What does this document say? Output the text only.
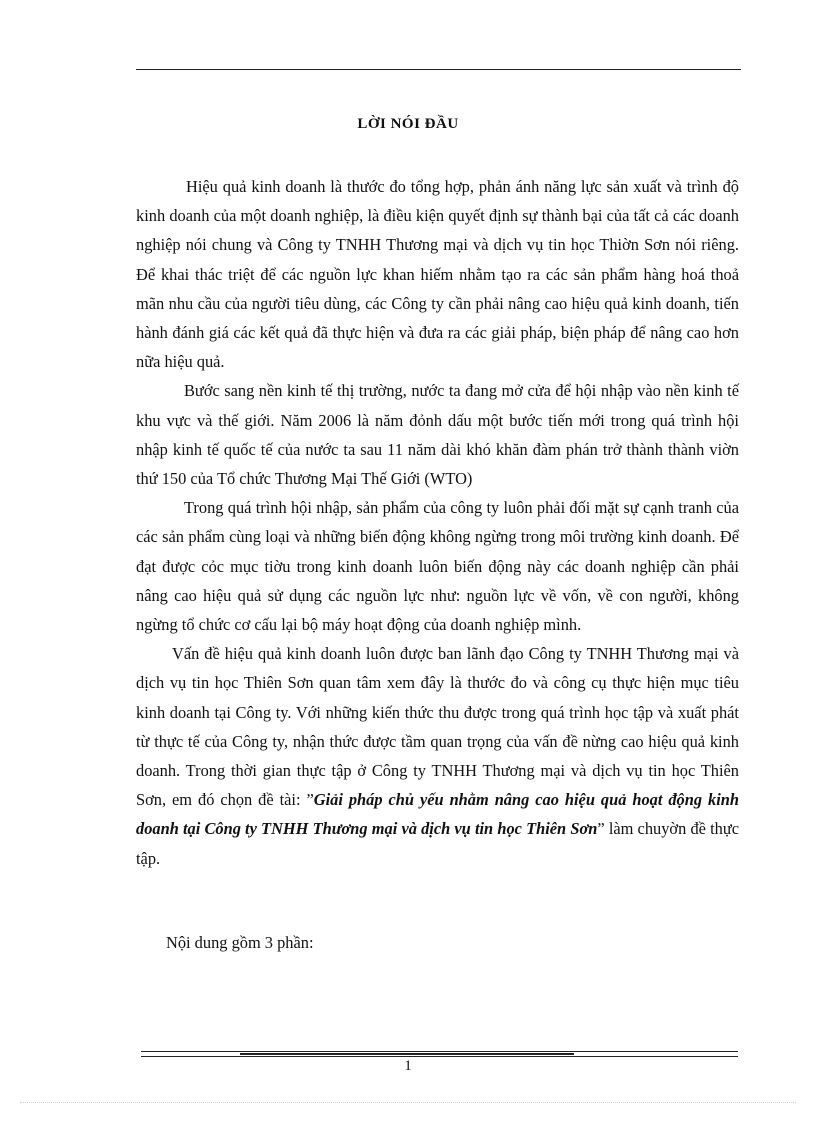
LỜI NÓI ĐẦU

Hiệu quả kinh doanh là thước đo tổng hợp, phản ánh năng lực sản xuất và trình độ kinh doanh của một doanh nghiệp, là điều kiện quyết định sự thành bại của tất cả các doanh nghiệp nói chung và Công ty TNHH Thương mại và dịch vụ tin học Thiờn Sơn nói riêng. Để khai thác triệt để các nguồn lực khan hiếm nhằm tạo ra các sản phẩm hàng hoá thoả mãn nhu cầu của người tiêu dùng, các Công ty cần phải nâng cao hiệu quả kinh doanh, tiến hành đánh giá các kết quả đã thực hiện và đưa ra các giải pháp, biện pháp để nâng cao hơn nữa hiệu quả.

Bước sang nền kinh tế thị trường, nước ta đang mở cửa để hội nhập vào nền kinh tế khu vực và thế giới. Năm 2006 là năm đỏnh dấu một bước tiến mới trong quá trình hội nhập kinh tế quốc tế của nước ta sau 11 năm dài khó khăn đàm phán trở thành thành viờn thứ 150 của Tổ chức Thương Mại Thế Giới (WTO)

Trong quá trình hội nhập, sản phẩm của công ty luôn phải đối mặt sự cạnh tranh của các sản phẩm cùng loại và những biến động không ngừng trong môi trường kinh doanh. Để đạt được cỏc mục tiờu trong kinh doanh luôn biến động này các doanh nghiệp cần phải nâng cao hiệu quả sử dụng các nguồn lực như: nguồn lực về vốn, về con người, không ngừng tổ chức cơ cấu lại bộ máy hoạt động của doanh nghiệp mình.

Vấn đề hiệu quả kinh doanh luôn được ban lãnh đạo Công ty TNHH Thương mại và dịch vụ tin học Thiên Sơn quan tâm xem đây là thước đo và công cụ thực hiện mục tiêu kinh doanh tại Công ty. Với những kiến thức thu được trong quá trình học tập và xuất phát từ thực tế của Công ty, nhận thức được tầm quan trọng của vấn đề nừng cao hiệu quả kinh doanh. Trong thời gian thực tập ở Công ty TNHH Thương mại và dịch vụ tin học Thiên Sơn, em đó chọn đề tài: ”Giải pháp chủ yếu nhằm nâng cao hiệu quả hoạt động kinh doanh tại Công ty TNHH Thương mại và dịch vụ tin học Thiên Sơn” làm chuyờn đề thực tập.

Nội dung gồm 3 phần:
1
